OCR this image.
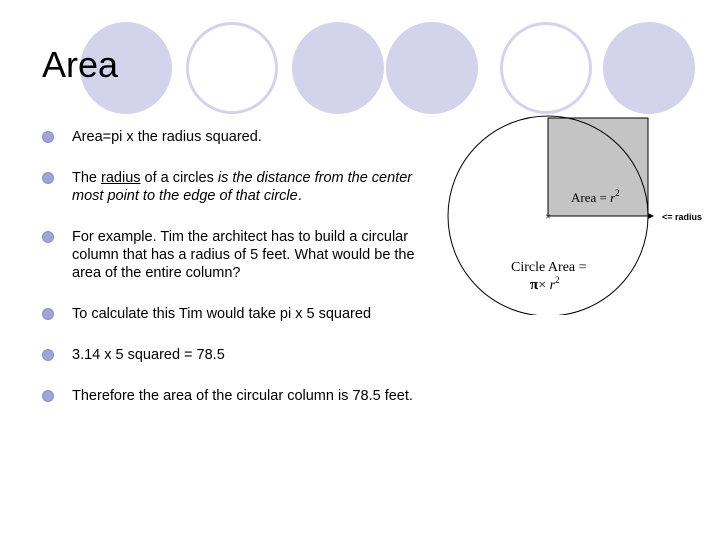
Area
Area=pi x the radius squared.
The radius of a circles is the distance from the center most point to the edge of that circle.
For example. Tim the architect has to build a circular column that has a radius of 5 feet. What would be the area of the entire column?
To calculate this Tim would take pi x 5 squared
3.14 x 5 squared = 78.5
Therefore the area of the circular column is 78.5 feet.
×
Area = $r^2$
Circle Area =
$\pi\times r^2$
<= radius
